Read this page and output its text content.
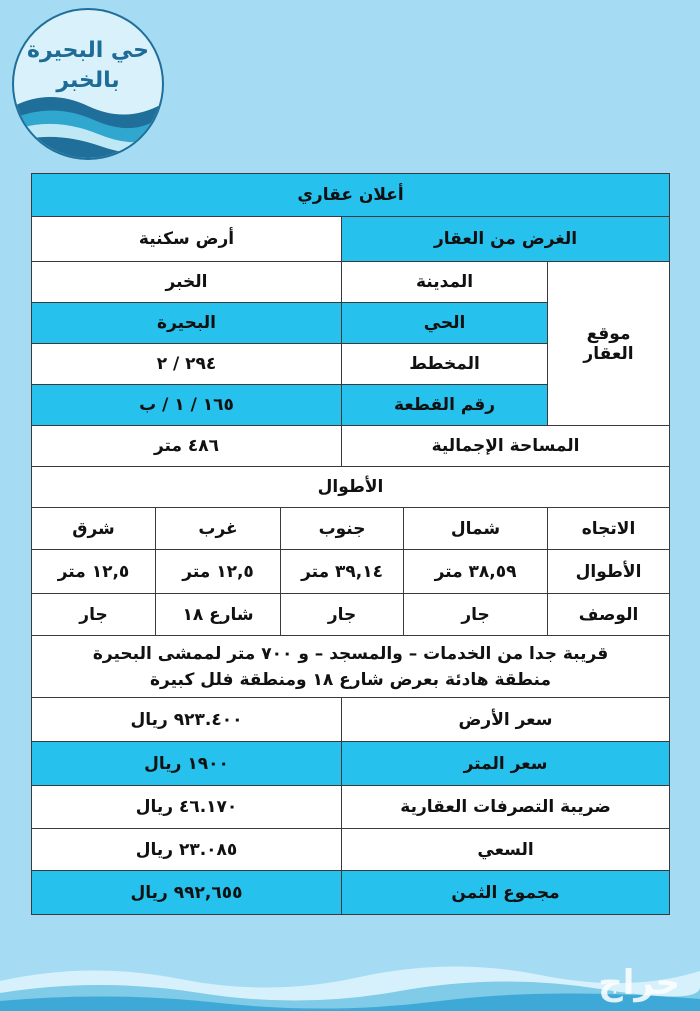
حي البحيرة
بالخبر
أعلان عقاري					
الغرض من العقار			أرض سكنية		

موقع
العقار	المدينة		الخبر		
	الحي		البحيرة		
	المخطط		٢٩٤ / ٢		
	رقم القطعة		١٦٥ / ١ / ب		
المساحة الإجمالية			٤٨٦ متر		
الأطوال					
الاتجاه	شمال	جنوب		غرب	شرق
الأطوال	٣٨,٥٩ متر	٣٩,١٤ متر		١٢,٥ متر	١٢,٥ متر
الوصف	جار	جار		شارع ١٨	جار

قريبة جدا من الخدمات – والمسجد – و ٧٠٠ متر لممشى البحيرة
منطقة هادئة بعرض شارع ١٨ ومنطقة فلل كبيرة					

سعر الأرض			٩٢٣.٤٠٠ ريال		
سعر المتر			١٩٠٠ ريال		
ضريبة التصرفات العقارية			٤٦.١٧٠ ريال		
السعي			٢٣.٠٨٥ ريال		
مجموع الثمن			٩٩٢,٦٥٥ ريال		
حراج
